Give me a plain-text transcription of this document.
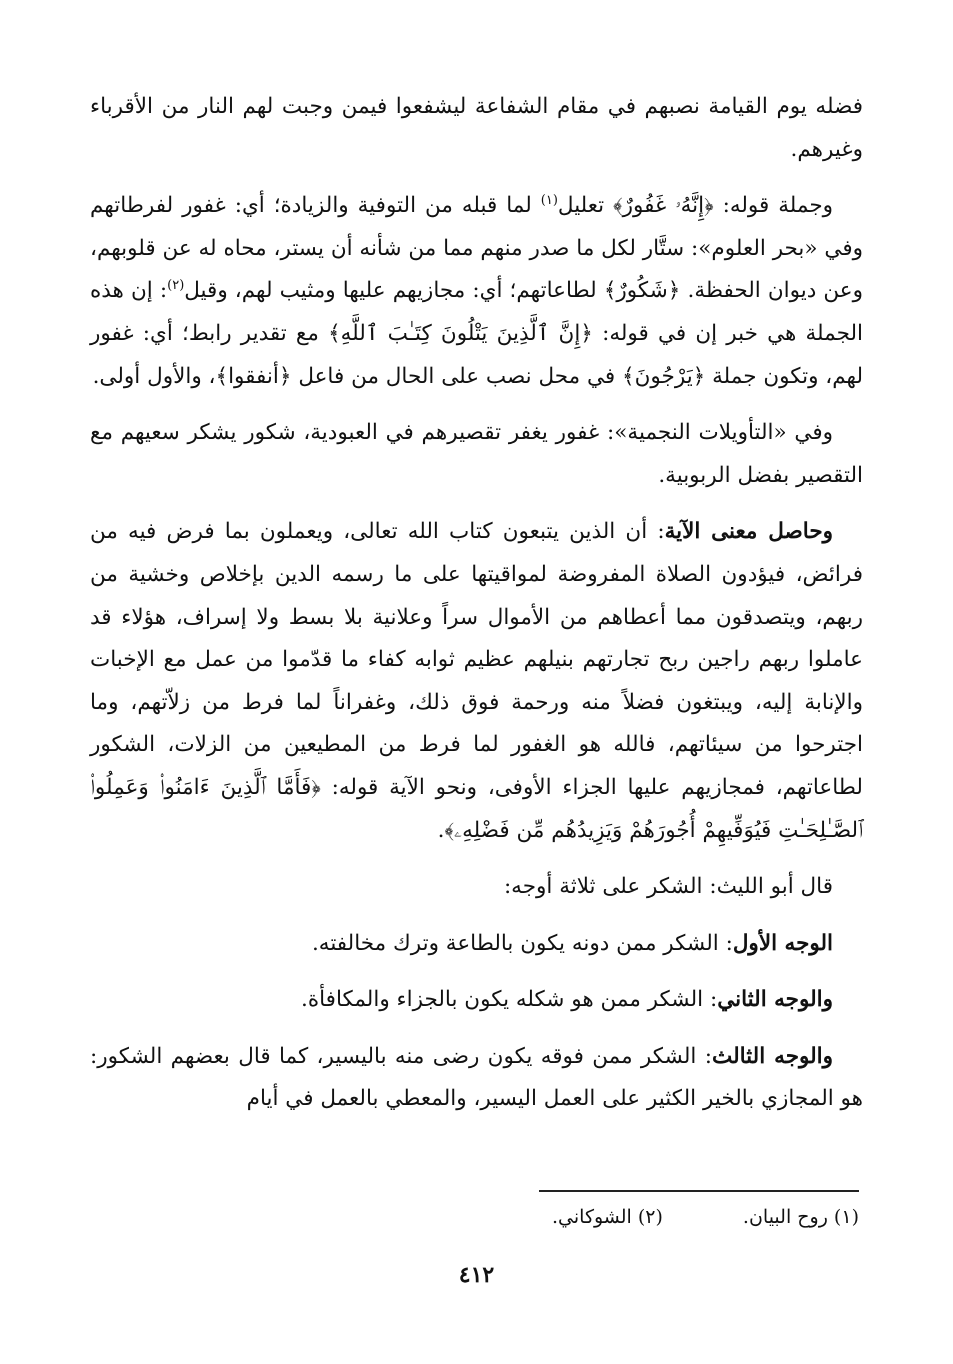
فضله يوم القيامة نصبهم في مقام الشفاعة ليشفعوا فيمن وجبت لهم النار من الأقرباء وغيرهم.

وجملة قوله: ﴿إِنَّهُۥ غَفُورٌ﴾ تعليل$^{(١)}$ لما قبله من التوفية والزيادة؛ أي: غفور لفرطاتهم وفي «بحر العلوم»: ستَّار لكل ما صدر منهم مما من شأنه أن يستر، محاه له عن قلوبهم، وعن ديوان الحفظة. ﴿شَكُورٌ﴾ لطاعاتهم؛ أي: مجازيهم عليها ومثيب لهم، وقيل$^{(٢)}$: إن هذه الجملة هي خبر إن في قوله: ﴿إِنَّ ٱلَّذِينَ يَتْلُونَ كِتَـٰبَ ٱللَّهِ﴾ مع تقدير رابط؛ أي: غفور لهم، وتكون جملة ﴿يَرْجُونَ﴾ في محل نصب على الحال من فاعل ﴿أنفقوا﴾، والأول أولى.

وفي «التأويلات النجمية»: غفور يغفر تقصيرهم في العبودية، شكور يشكر سعيهم مع التقصير بفضل الربوبية.

وحاصل معنى الآية: أن الذين يتبعون كتاب الله تعالى، ويعملون بما فرض فيه من فرائض، فيؤدون الصلاة المفروضة لمواقيتها على ما رسمه الدين بإخلاص وخشية من ربهم، ويتصدقون مما أعطاهم من الأموال سراً وعلانية بلا بسط ولا إسراف، هؤلاء قد عاملوا ربهم راجين ربح تجارتهم بنيلهم عظيم ثوابه كفاء ما قدّموا من عمل مع الإخبات والإنابة إليه، ويبتغون فضلاً منه ورحمة فوق ذلك، وغفراناً لما فرط من زلاّتهم، وما اجترحوا من سيئاتهم، فالله هو الغفور لما فرط من المطيعين من الزلات، الشكور لطاعاتهم، فمجازيهم عليها الجزاء الأوفى، ونحو الآية قوله: ﴿فَأَمَّا ٱلَّذِينَ ءَامَنُوا۟ وَعَمِلُوا۟ ٱلصَّـٰلِحَـٰتِ فَيُوَفِّيهِمْ أُجُورَهُمْ وَيَزِيدُهُم مِّن فَضْلِهِۦ﴾.

قال أبو الليث: الشكر على ثلاثة أوجه:

الوجه الأول: الشكر ممن دونه يكون بالطاعة وترك مخالفته.

والوجه الثاني: الشكر ممن هو شكله يكون بالجزاء والمكافأة.

والوجه الثالث: الشكر ممن فوقه يكون رضى منه باليسير، كما قال بعضهم الشكور: هو المجازي بالخير الكثير على العمل اليسير، والمعطي بالعمل في أيام

(١) روح البيان.
(٢) الشوكاني.
٤١٢
